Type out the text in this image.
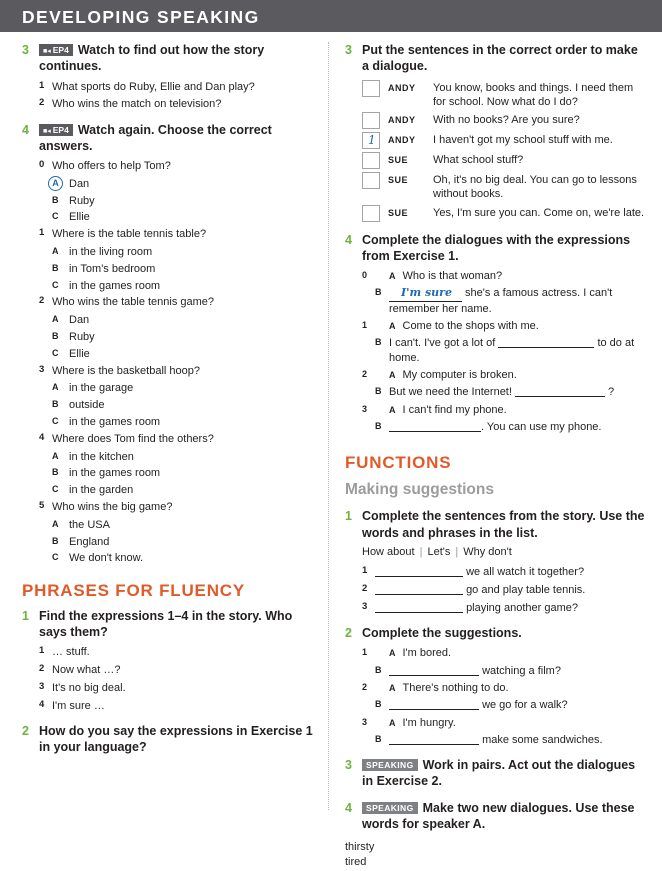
DEVELOPING SPEAKING
3	■◂ EP4 Watch to find out how the story continues.
1 What sports do Ruby, Ellie and Dan play?
2 Who wins the match on television?
4	■◂ EP4 Watch again. Choose the correct answers.
0 Who offers to help Tom?
A Dan
B Ruby
C Ellie
1 Where is the table tennis table?
A in the living room
B in Tom's bedroom
C in the games room
2 Who wins the table tennis game?
A Dan
B Ruby
C Ellie
3 Where is the basketball hoop?
A in the garage
B outside
C in the games room
4 Where does Tom find the others?
A in the kitchen
B in the games room
C in the garden
5 Who wins the big game?
A the USA
B England
C We don't know.
PHRASES FOR FLUENCY
1 Find the expressions 1–4 in the story. Who says them?
1 … stuff.
2 Now what …?
3 It's no big deal.
4 I'm sure …
2 How do you say the expressions in Exercise 1 in your language?
3 Put the sentences in the correct order to make a dialogue.
ANDY	You know, books and things. I need them for school. Now what do I do?
ANDY	With no books? Are you sure?
1 ANDY	I haven't got my school stuff with me.
SUE	What school stuff?
SUE	Oh, it's no big deal. You can go to lessons without books.
SUE	Yes, I'm sure you can. Come on, we're late.
4 Complete the dialogues with the expressions from Exercise 1.
0 A Who is that woman?
B I'm sure she's a famous actress. I can't remember her name.
1 A Come to the shops with me.
B I can't. I've got a lot of	to do at home.
2 A My computer is broken.
B But we need the Internet!	?
3 A I can't find my phone.
B	. You can use my phone.
FUNCTIONS
Making suggestions
1 Complete the sentences from the story. Use the words and phrases in the list.
How about | Let's | Why don't
1	we all watch it together?
2	go and play table tennis.
3	playing another game?
2 Complete the suggestions.
1 A I'm bored.
B	watching a film?
2 A There's nothing to do.
B	we go for a walk?
3 A I'm hungry.
B	make some sandwiches.
3	SPEAKING Work in pairs. Act out the dialogues in Exercise 2.
4	SPEAKING Make two new dialogues. Use these words for speaker A.
thirsty
tired
